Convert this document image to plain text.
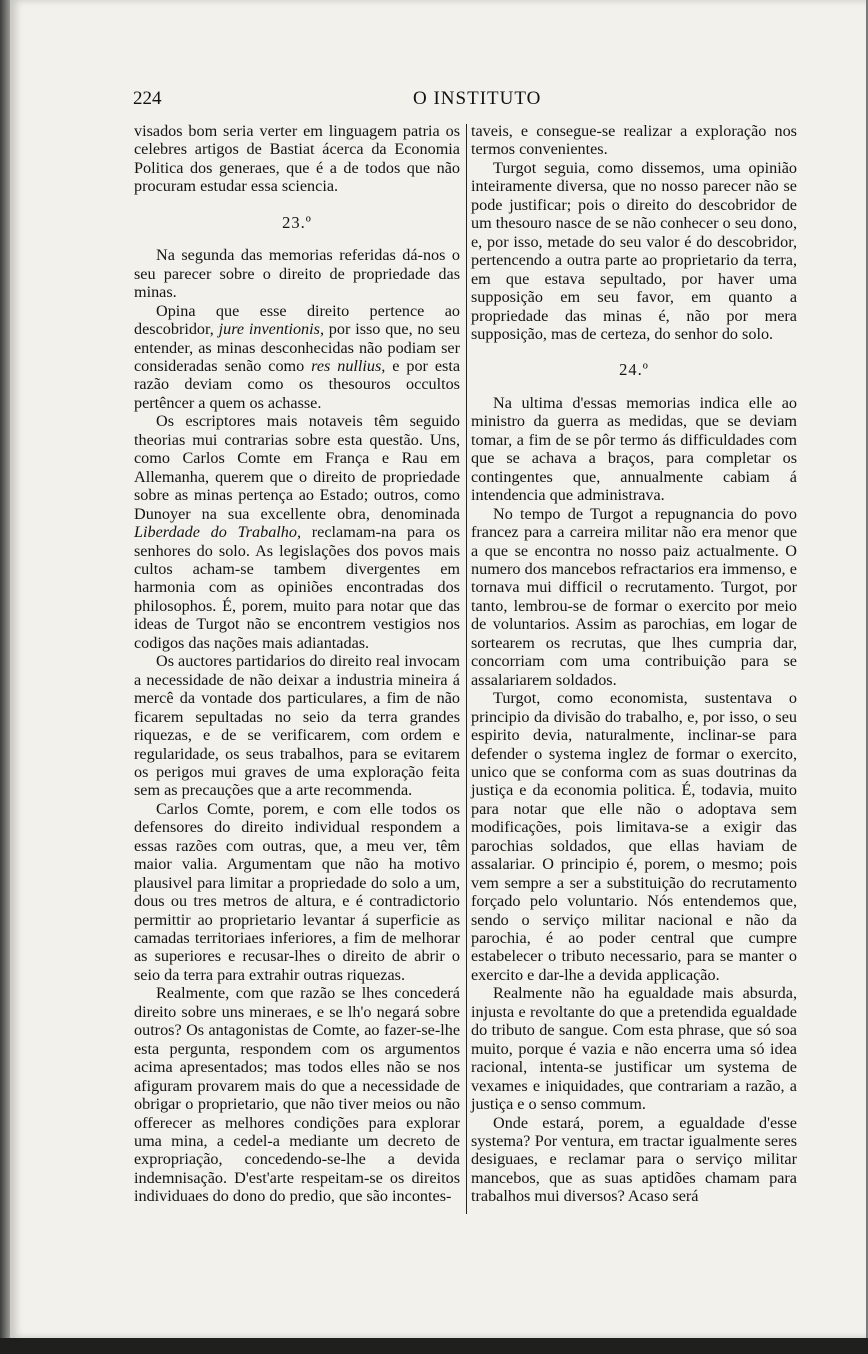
224	O INSTITUTO

visados bom seria verter em linguagem patria os celebres artigos de Bastiat ácerca da Economia Politica dos generaes, que é a de todos que não procuram estudar essa sciencia.

23.º

Na segunda das memorias referidas dá-nos o seu parecer sobre o direito de propriedade das minas.

Opina que esse direito pertence ao descobridor, jure inventionis, por isso que, no seu entender, as minas desconhecidas não podiam ser consideradas senão como res nullius, e por esta razão deviam como os thesouros occultos pertêncer a quem os achasse.

Os escriptores mais notaveis têm seguido theorias mui contrarias sobre esta questão. Uns, como Carlos Comte em França e Rau em Allemanha, querem que o direito de propriedade sobre as minas pertença ao Estado; outros, como Dunoyer na sua excellente obra, denominada Liberdade do Trabalho, reclamam-na para os senhores do solo. As legislações dos povos mais cultos acham-se tambem divergentes em harmonia com as opiniões encontradas dos philosophos. É, porem, muito para notar que das ideas de Turgot não se encontrem vestigios nos codigos das nações mais adiantadas.

Os auctores partidarios do direito real invocam a necessidade de não deixar a industria mineira á mercê da vontade dos particulares, a fim de não ficarem sepultadas no seio da terra grandes riquezas, e de se verificarem, com ordem e regularidade, os seus trabalhos, para se evitarem os perigos mui graves de uma exploração feita sem as precauções que a arte recommenda.

Carlos Comte, porem, e com elle todos os defensores do direito individual respondem a essas razões com outras, que, a meu ver, têm maior valia. Argumentam que não ha motivo plausivel para limitar a propriedade do solo a um, dous ou tres metros de altura, e é contradictorio permittir ao proprietario levantar á superficie as camadas territoriaes inferiores, a fim de melhorar as superiores e recusar-lhes o direito de abrir o seio da terra para extrahir outras riquezas.

Realmente, com que razão se lhes concederá direito sobre uns mineraes, e se lh'o negará sobre outros? Os antagonistas de Comte, ao fazer-se-lhe esta pergunta, respondem com os argumentos acima apresentados; mas todos elles não se nos afiguram provarem mais do que a necessidade de obrigar o proprietario, que não tiver meios ou não offerecer as melhores condições para explorar uma mina, a cedel-a mediante um decreto de expropriação, concedendo-se-lhe a devida indemnisação. D'est'arte respeitam-se os direitos individuaes do dono do predio, que são incontes-

taveis, e consegue-se realizar a exploração nos termos convenientes.

Turgot seguia, como dissemos, uma opinião inteiramente diversa, que no nosso parecer não se pode justificar; pois o direito do descobridor de um thesouro nasce de se não conhecer o seu dono, e, por isso, metade do seu valor é do descobridor, pertencendo a outra parte ao proprietario da terra, em que estava sepultado, por haver uma supposição em seu favor, em quanto a propriedade das minas é, não por mera supposição, mas de certeza, do senhor do solo.

24.º

Na ultima d'essas memorias indica elle ao ministro da guerra as medidas, que se deviam tomar, a fim de se pôr termo ás difficuldades com que se achava a braços, para completar os contingentes que, annualmente cabiam á intendencia que administrava.

No tempo de Turgot a repugnancia do povo francez para a carreira militar não era menor que a que se encontra no nosso paiz actualmente. O numero dos mancebos refractarios era immenso, e tornava mui difficil o recrutamento. Turgot, por tanto, lembrou-se de formar o exercito por meio de voluntarios. Assim as parochias, em logar de sortearem os recrutas, que lhes cumpria dar, concorriam com uma contribuição para se assalariarem soldados.

Turgot, como economista, sustentava o principio da divisão do trabalho, e, por isso, o seu espirito devia, naturalmente, inclinar-se para defender o systema inglez de formar o exercito, unico que se conforma com as suas doutrinas da justiça e da economia politica. É, todavia, muito para notar que elle não o adoptava sem modificações, pois limitava-se a exigir das parochias soldados, que ellas haviam de assalariar. O principio é, porem, o mesmo; pois vem sempre a ser a substituição do recrutamento forçado pelo voluntario. Nós entendemos que, sendo o serviço militar nacional e não da parochia, é ao poder central que cumpre estabelecer o tributo necessario, para se manter o exercito e dar-lhe a devida applicação.

Realmente não ha egualdade mais absurda, injusta e revoltante do que a pretendida egualdade do tributo de sangue. Com esta phrase, que só soa muito, porque é vazia e não encerra uma só idea racional, intenta-se justificar um systema de vexames e iniquidades, que contrariam a razão, a justiça e o senso commum.

Onde estará, porem, a egualdade d'esse systema? Por ventura, em tractar igualmente seres desiguaes, e reclamar para o serviço militar mancebos, que as suas aptidões chamam para trabalhos mui diversos? Acaso será
